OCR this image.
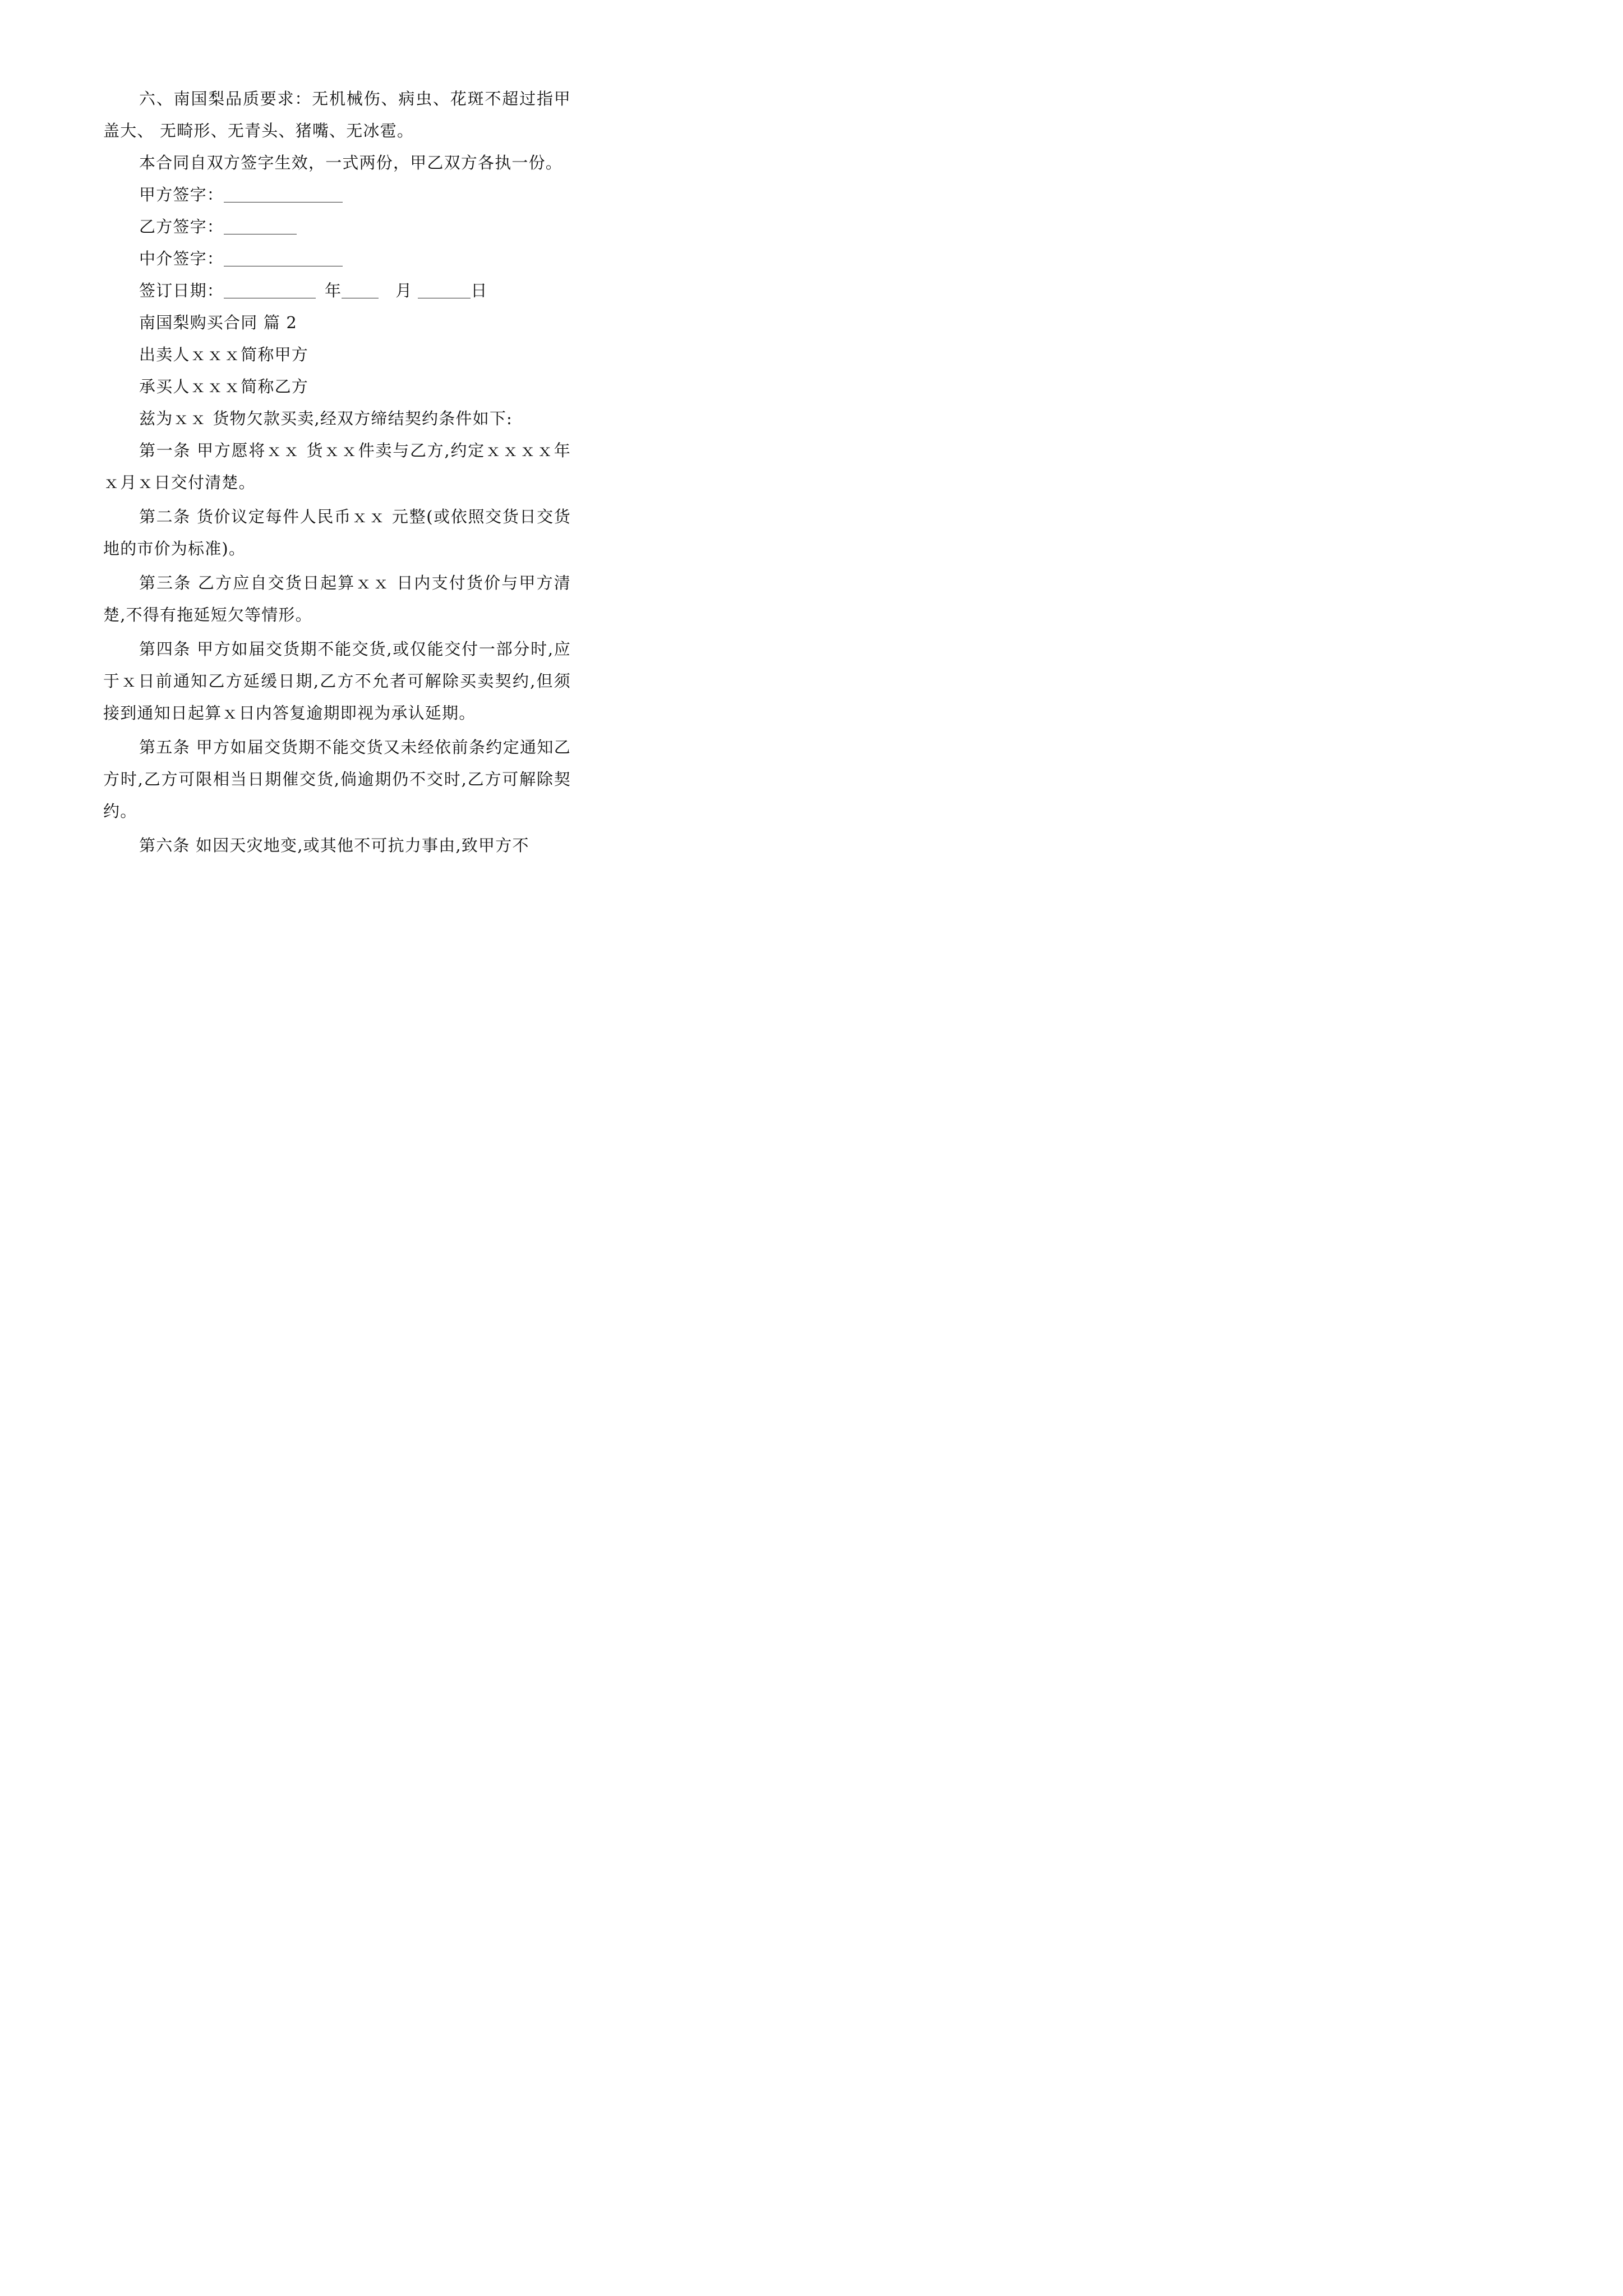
六、南国梨品质要求：无机械伤、病虫、花斑不超过指甲盖大、 无畸形、无青头、猪嘴、无冰雹。

本合同自双方签字生效，一式两份，甲乙双方各执一份。

甲方签字：
乙方签字：
中介签字：
签订日期：	年	月	日

南国梨购买合同 篇 2

出卖人ｘｘｘ简称甲方

承买人ｘｘｘ简称乙方

兹为ｘｘ 货物欠款买卖,经双方缔结契约条件如下:

第一条 甲方愿将ｘｘ 货ｘｘ件卖与乙方,约定ｘｘｘｘ年ｘ月ｘ日交付清楚。

第二条 货价议定每件人民币ｘｘ 元整(或依照交货日交货地的市价为标准)。

第三条 乙方应自交货日起算ｘｘ 日内支付货价与甲方清楚,不得有拖延短欠等情形。

第四条 甲方如届交货期不能交货,或仅能交付一部分时,应于ｘ日前通知乙方延缓日期,乙方不允者可解除买卖契约,但须接到通知日起算ｘ日内答复逾期即视为承认延期。

第五条 甲方如届交货期不能交货又未经依前条约定通知乙方时,乙方可限相当日期催交货,倘逾期仍不交时,乙方可解除契约。

第六条 如因天灾地变,或其他不可抗力事由,致甲方不
